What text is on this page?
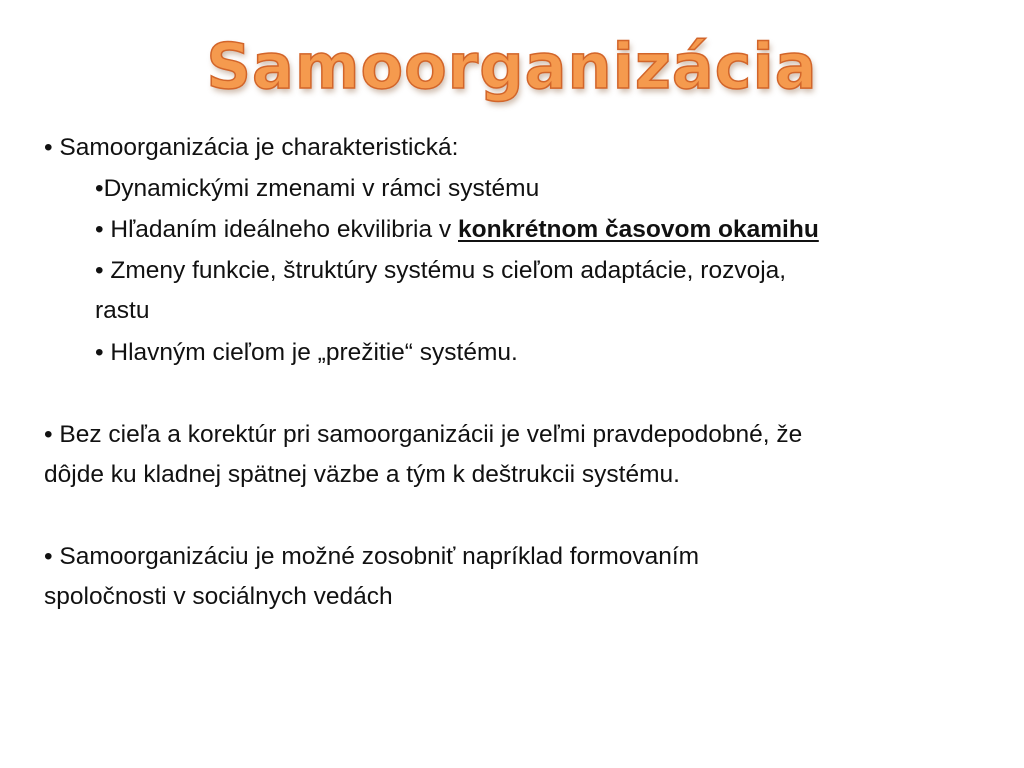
Samoorganizácia
• Samoorganizácia je charakteristická:
•Dynamickými zmenami v rámci systému
• Hľadaním ideálneho ekvilibria v konkrétnom časovom okamihu
• Zmeny funkcie, štruktúry systému s cieľom adaptácie, rozvoja,
rastu
• Hlavným cieľom je „prežitie“ systému.
• Bez cieľa a korektúr pri samoorganizácii je veľmi pravdepodobné, že
dôjde ku kladnej spätnej väzbe a tým k deštrukcii systému.
• Samoorganizáciu je možné zosobniť napríklad formovaním
spoločnosti v sociálnych vedách
